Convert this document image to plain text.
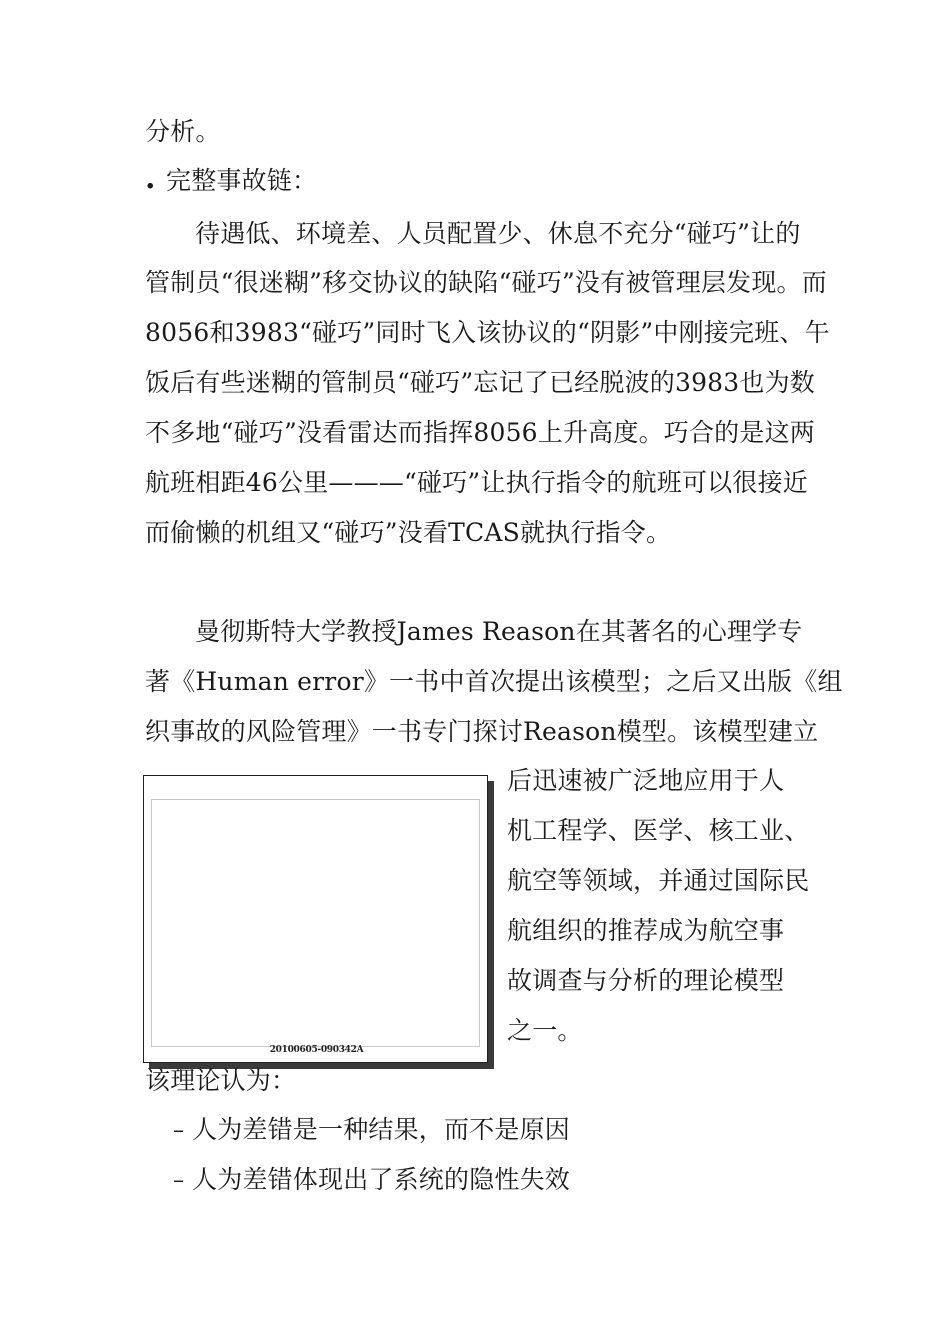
分析。
. 完整事故链：
待遇低、环境差、人员配置少、休息不充分“碰巧”让的
管制员“很迷糊”移交协议的缺陷“碰巧”没有被管理层发现。而
8056和3983“碰巧”同时飞入该协议的“阴影”中刚接完班、午
饭后有些迷糊的管制员“碰巧”忘记了已经脱波的3983也为数
不多地“碰巧”没看雷达而指挥8056上升高度。巧合的是这两
航班相距46公里———“碰巧”让执行指令的航班可以很接近
而偷懒的机组又“碰巧”没看TCAS就执行指令。
曼彻斯特大学教授James Reason在其著名的心理学专
著《Human error》一书中首次提出该模型；之后又出版《组
织事故的风险管理》一书专门探讨Reason模型。该模型建立
后迅速被广泛地应用于人
机工程学、医学、核工业、
航空等领域，并通过国际民
航组织的推荐成为航空事
故调查与分析的理论模型
之一。
20100605-090342A
该理论认为：
– 人为差错是一种结果，而不是原因
– 人为差错体现出了系统的隐性失效
